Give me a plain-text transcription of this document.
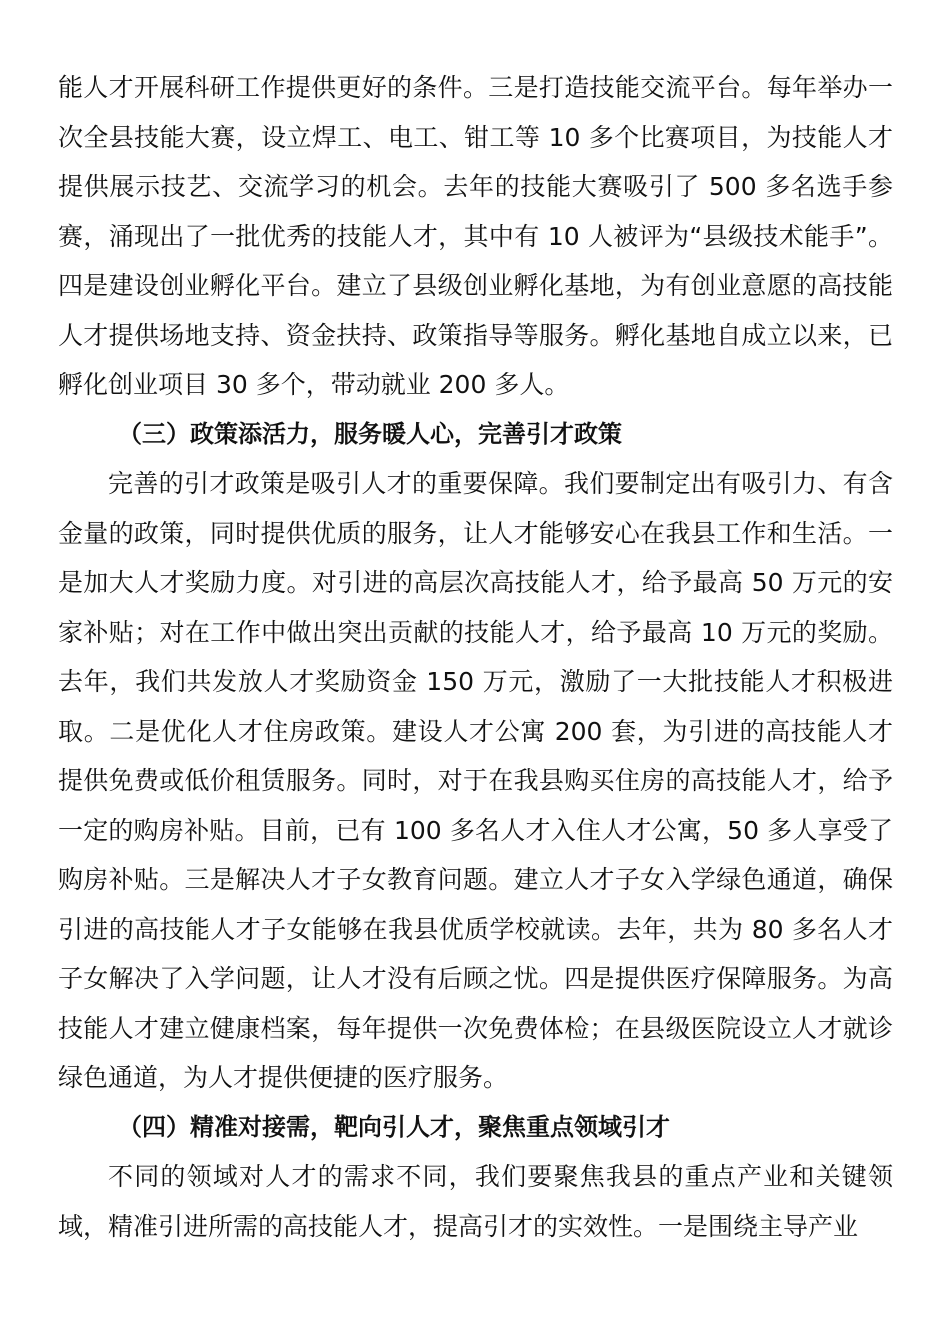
能人才开展科研工作提供更好的条件。三是打造技能交流平台。每年举办一次全县技能大赛，设立焊工、电工、钳工等 10 多个比赛项目，为技能人才提供展示技艺、交流学习的机会。去年的技能大赛吸引了 500 多名选手参赛，涌现出了一批优秀的技能人才，其中有 10 人被评为“县级技术能手”。四是建设创业孵化平台。建立了县级创业孵化基地，为有创业意愿的高技能人才提供场地支持、资金扶持、政策指导等服务。孵化基地自成立以来，已孵化创业项目 30 多个，带动就业 200 多人。

（三）政策添活力，服务暖人心，完善引才政策

完善的引才政策是吸引人才的重要保障。我们要制定出有吸引力、有含金量的政策，同时提供优质的服务，让人才能够安心在我县工作和生活。一是加大人才奖励力度。对引进的高层次高技能人才，给予最高 50 万元的安家补贴；对在工作中做出突出贡献的技能人才，给予最高 10 万元的奖励。去年，我们共发放人才奖励资金 150 万元，激励了一大批技能人才积极进取。二是优化人才住房政策。建设人才公寓 200 套，为引进的高技能人才提供免费或低价租赁服务。同时，对于在我县购买住房的高技能人才，给予一定的购房补贴。目前，已有 100 多名人才入住人才公寓，50 多人享受了购房补贴。三是解决人才子女教育问题。建立人才子女入学绿色通道，确保引进的高技能人才子女能够在我县优质学校就读。去年，共为 80 多名人才子女解决了入学问题，让人才没有后顾之忧。四是提供医疗保障服务。为高技能人才建立健康档案，每年提供一次免费体检；在县级医院设立人才就诊绿色通道，为人才提供便捷的医疗服务。

（四）精准对接需，靶向引人才，聚焦重点领域引才

不同的领域对人才的需求不同，我们要聚焦我县的重点产业和关键领域，精准引进所需的高技能人才，提高引才的实效性。一是围绕主导产业
